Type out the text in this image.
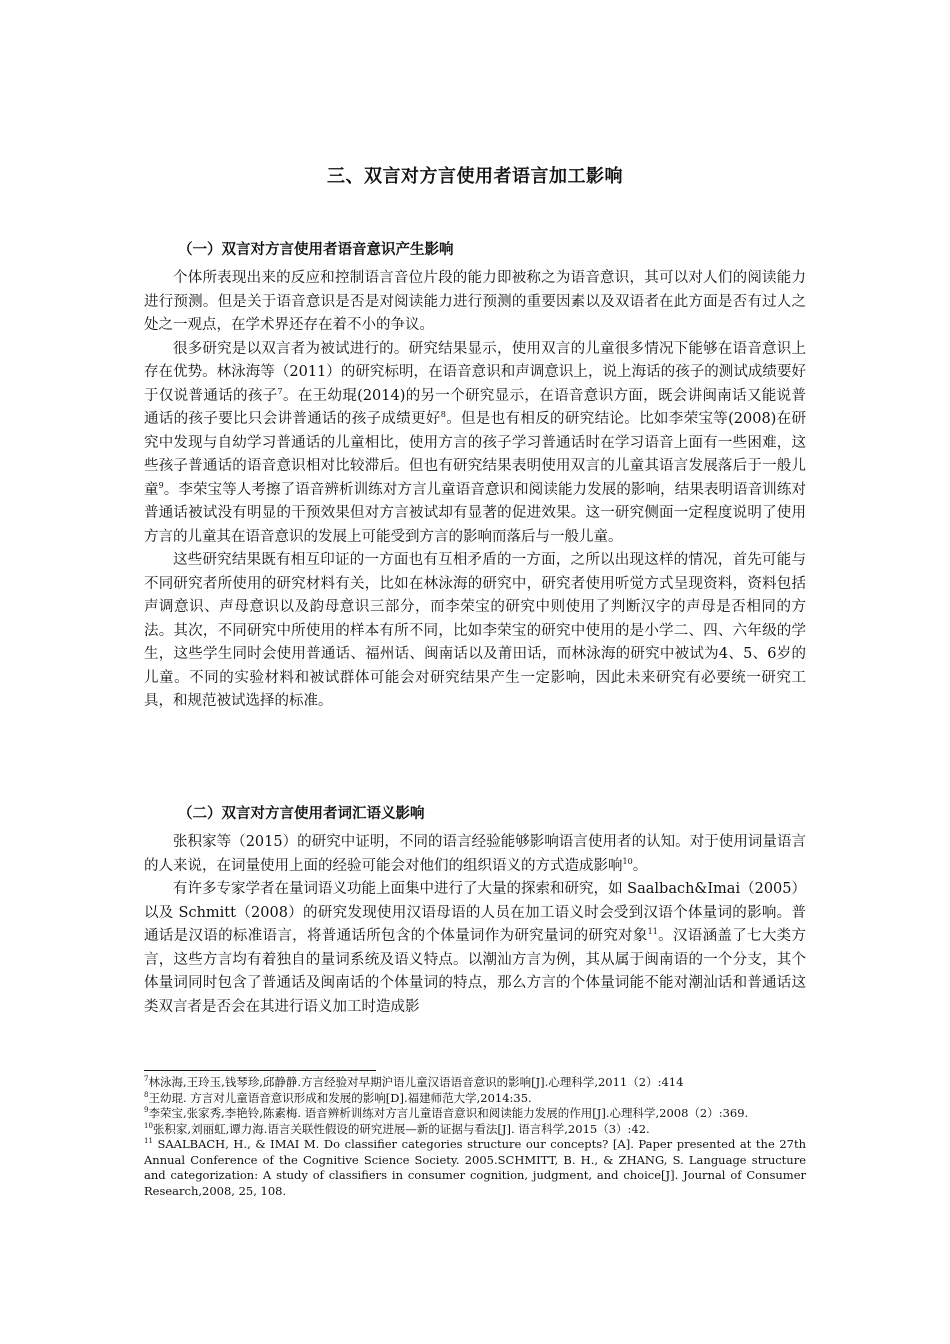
三、双言对方言使用者语言加工影响
（一）双言对方言使用者语音意识产生影响

个体所表现出来的反应和控制语言音位片段的能力即被称之为语音意识，其可以对人们的阅读能力进行预测。但是关于语音意识是否是对阅读能力进行预测的重要因素以及双语者在此方面是否有过人之处之一观点，在学术界还存在着不小的争议。

很多研究是以双言者为被试进行的。研究结果显示，使用双言的儿童很多情况下能够在语音意识上存在优势。林泳海等（2011）的研究标明，在语音意识和声调意识上，说上海话的孩子的测试成绩要好于仅说普通话的孩子$^7$。在王幼琨(2014)的另一个研究显示，在语音意识方面，既会讲闽南话又能说普通话的孩子要比只会讲普通话的孩子成绩更好$^8$。但是也有相反的研究结论。比如李荣宝等(2008)在研究中发现与自幼学习普通话的儿童相比，使用方言的孩子学习普通话时在学习语音上面有一些困难，这些孩子普通话的语音意识相对比较滞后。但也有研究结果表明使用双言的儿童其语言发展落后于一般儿童$^9$。李荣宝等人考擦了语音辨析训练对方言儿童语音意识和阅读能力发展的影响，结果表明语音训练对普通话被试没有明显的干预效果但对方言被试却有显著的促进效果。这一研究侧面一定程度说明了使用方言的儿童其在语音意识的发展上可能受到方言的影响而落后与一般儿童。

这些研究结果既有相互印证的一方面也有互相矛盾的一方面，之所以出现这样的情况，首先可能与不同研究者所使用的研究材料有关，比如在林泳海的研究中，研究者使用听觉方式呈现资料，资料包括声调意识、声母意识以及韵母意识三部分，而李荣宝的研究中则使用了判断汉字的声母是否相同的方法。其次，不同研究中所使用的样本有所不同，比如李荣宝的研究中使用的是小学二、四、六年级的学生，这些学生同时会使用普通话、福州话、闽南话以及莆田话，而林泳海的研究中被试为4、5、6岁的儿童。不同的实验材料和被试群体可能会对研究结果产生一定影响，因此未来研究有必要统一研究工具，和规范被试选择的标准。

（二）双言对方言使用者词汇语义影响

张积家等（2015）的研究中证明，不同的语言经验能够影响语言使用者的认知。对于使用词量语言的人来说，在词量使用上面的经验可能会对他们的组织语义的方式造成影响$^{10}$。

有许多专家学者在量词语义功能上面集中进行了大量的探索和研究，如 Saalbach&Imai（2005）以及 Schmitt（2008）的研究发现使用汉语母语的人员在加工语义时会受到汉语个体量词的影响。普通话是汉语的标准语言，将普通话所包含的个体量词作为研究量词的研究对象$^{11}$。汉语涵盖了七大类方言，这些方言均有着独自的量词系统及语义特点。以潮汕方言为例，其从属于闽南语的一个分支，其个体量词同时包含了普通话及闽南话的个体量词的特点，那么方言的个体量词能不能对潮汕话和普通话这类双言者是否会在其进行语义加工时造成影

$^7$林泳海,王玲玉,钱琴珍,邱静静.方言经验对早期沪语儿童汉语语音意识的影响[J].心理科学,2011（2）:414

$^8$王幼琨. 方言对儿童语音意识形成和发展的影响[D].福建师范大学,2014:35.

$^9$李荣宝,张家秀,李艳铃,陈素梅. 语音辨析训练对方言儿童语音意识和阅读能力发展的作用[J].心理科学,2008（2）:369.

$^{10}$张积家,刘丽虹,谭力海.语言关联性假设的研究进展—新的证据与看法[J]. 语言科学,2015（3）:42.

$^{11}$ SAALBACH, H., & IMAI M. Do classifier categories structure our concepts? [A]. Paper presented at the 27th Annual Conference of the Cognitive Science Society. 2005.SCHMITT, B. H., & ZHANG, S. Language structure and categorization: A study of classifiers in consumer cognition, judgment, and choice[J]. Journal of Consumer Research,2008, 25, 108.
